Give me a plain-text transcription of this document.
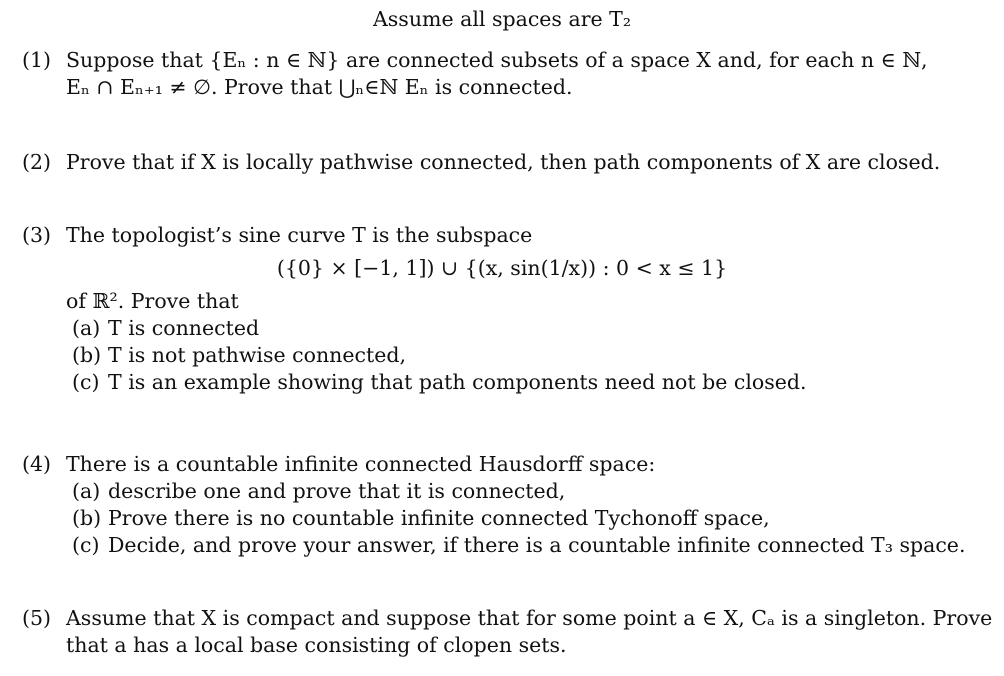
Assume all spaces are T₂
(1) Suppose that {Eₙ : n ∈ ℕ} are connected subsets of a space X and, for each n ∈ ℕ,
Eₙ ∩ Eₙ₊₁ ≠ ∅. Prove that ⋃ₙ∈ℕ Eₙ is connected.
(2) Prove that if X is locally pathwise connected, then path components of X are closed.
(3) The topologist’s sine curve T is the subspace
({0} × [−1, 1]) ∪ {(x, sin(1/x)) : 0 < x ≤ 1}
of ℝ². Prove that
(a) T is connected
(b) T is not pathwise connected,
(c) T is an example showing that path components need not be closed.
(4) There is a countable infinite connected Hausdorff space:
(a) describe one and prove that it is connected,
(b) Prove there is no countable infinite connected Tychonoff space,
(c) Decide, and prove your answer, if there is a countable infinite connected T₃ space.
(5) Assume that X is compact and suppose that for some point a ∈ X, Cₐ is a singleton. Prove
that a has a local base consisting of clopen sets.
